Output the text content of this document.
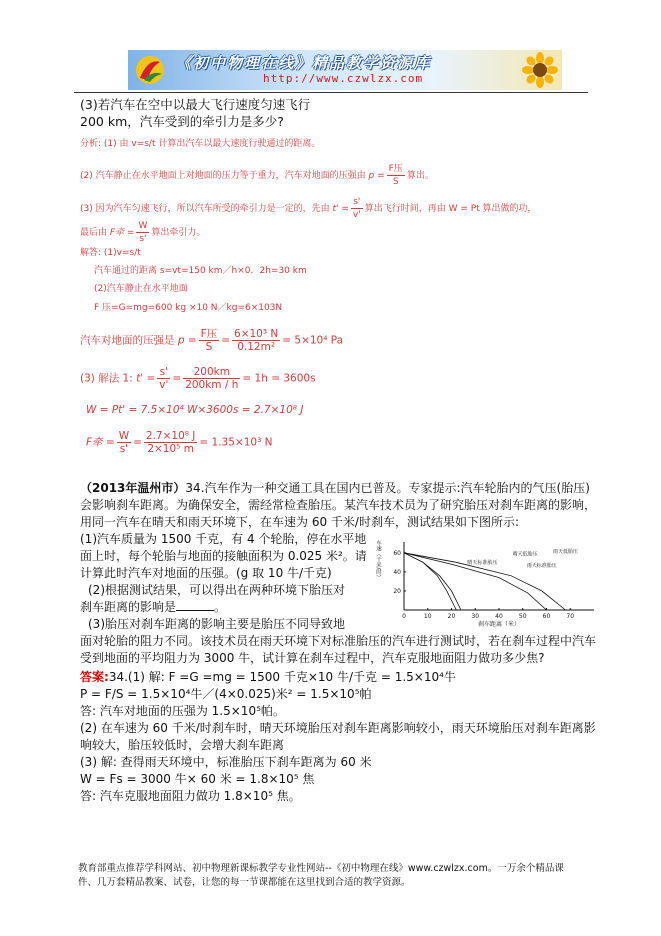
《初中物理在线》精品教学资源库
http://www.czwlzx.com
(3)若汽车在空中以最大飞行速度匀速飞行
200 km，汽车受到的牵引力是多少?
分析: (1) 由 v=s/t 计算出汽车以最大速度行驶通过的距离。
(2) 汽车静止在水平地面上对地面的压力等于重力，汽车对地面的压强由 $p = \frac{\text{F压}}{S}$ 算出。
(3) 因为汽车匀速飞行，所以汽车所受的牵引力是一定的，先由 $t' = \frac{s'}{v'}$ 算出飞行时间，再由 W = Pt 算出做的功，
最后由 F牵 = $\frac{W}{s'}$ 算出牵引力。
解答: (1)v=s/t
汽车通过的距离 s=vt=150 km／h×0．2h=30 km
(2)汽车静止在水平地面
F 压=G=mg=600 kg ×10 N／kg=6×103N
汽车对地面的压强是 $p = \frac{\text{F压}}{S} = \frac{\text{6×10³ N}}{\text{0.12m²}} = 5\times 10^4$ Pa
(3) 解法 1: $t' = \frac{s'}{v'} = \frac{200km}{200km / h} = 1h = 3600s$
W = Pt' = 7.5×10⁴ W×3600s = 2.7×10⁸ J
F牵 = $\frac{W}{s'} = \frac{\text{2.7×10⁸ J}}{\text{2×10⁵ m}} = 1.35\times 10^3$ N
（2013年温州市）34.汽车作为一种交通工具在国内已普及。专家提示:汽车轮胎内的气压(胎压)
会影响刹车距离。为确保安全，需经常检查胎压。某汽车技术员为了研究胎压对刹车距离的影响，
用同一汽车在晴天和雨天环境下，在车速为 60 千米/时刹车，测试结果如下图所示:
(1)汽车质量为 1500 千克，有 4 个轮胎，停在水平地
面上时，每个轮胎与地面的接触面积为 0.025 米²。请
计算此时汽车对地面的压强。(g 取 10 牛/千克)
(2)根据测试结果，可以得出在两种环境下胎压对
刹车距离的影响是	。
(3)胎压对刹车距离的影响主要是胎压不同导致地
面对轮胎的阻力不同。该技术员在雨天环境下对标准胎压的汽车进行测试时，若在刹车过程中汽车
受到地面的平均阻力为 3000 牛，试计算在刹车过程中，汽车克服地面阻力做功多少焦?
0	10	20	30	40	50	60	70
20
40
60
车速（千米/时）
刹车距离（米）
晴天标准胎压
晴天低胎压
雨天标准胎压
雨天低胎压
答案:34.(1) 解: F =G =mg = 1500 千克×10 牛/千克 = 1.5×10⁴牛
P = F/S = 1.5×10⁴牛／(4×0.025)米² = 1.5×10⁵帕
答: 汽车对地面的压强为 1.5×10⁵帕。
(2) 在车速为 60 千米/时刹车时，晴天环境胎压对刹车距离影响较小，雨天环境胎压对刹车距离影
响较大，胎压较低时，会增大刹车距离
(3) 解: 查得雨天环境中，标准胎压下刹车距离为 60 米
W = Fs = 3000 牛× 60 米 = 1.8×10⁵ 焦
答: 汽车克服地面阻力做功 1.8×10⁵ 焦。
教育部重点推荐学科网站、初中物理新课标教学专业性网站--《初中物理在线》www.czwlzx.com。一万余个精品课
件、几万套精品教案、试卷，让您的每一节课都能在这里找到合适的教学资源。
